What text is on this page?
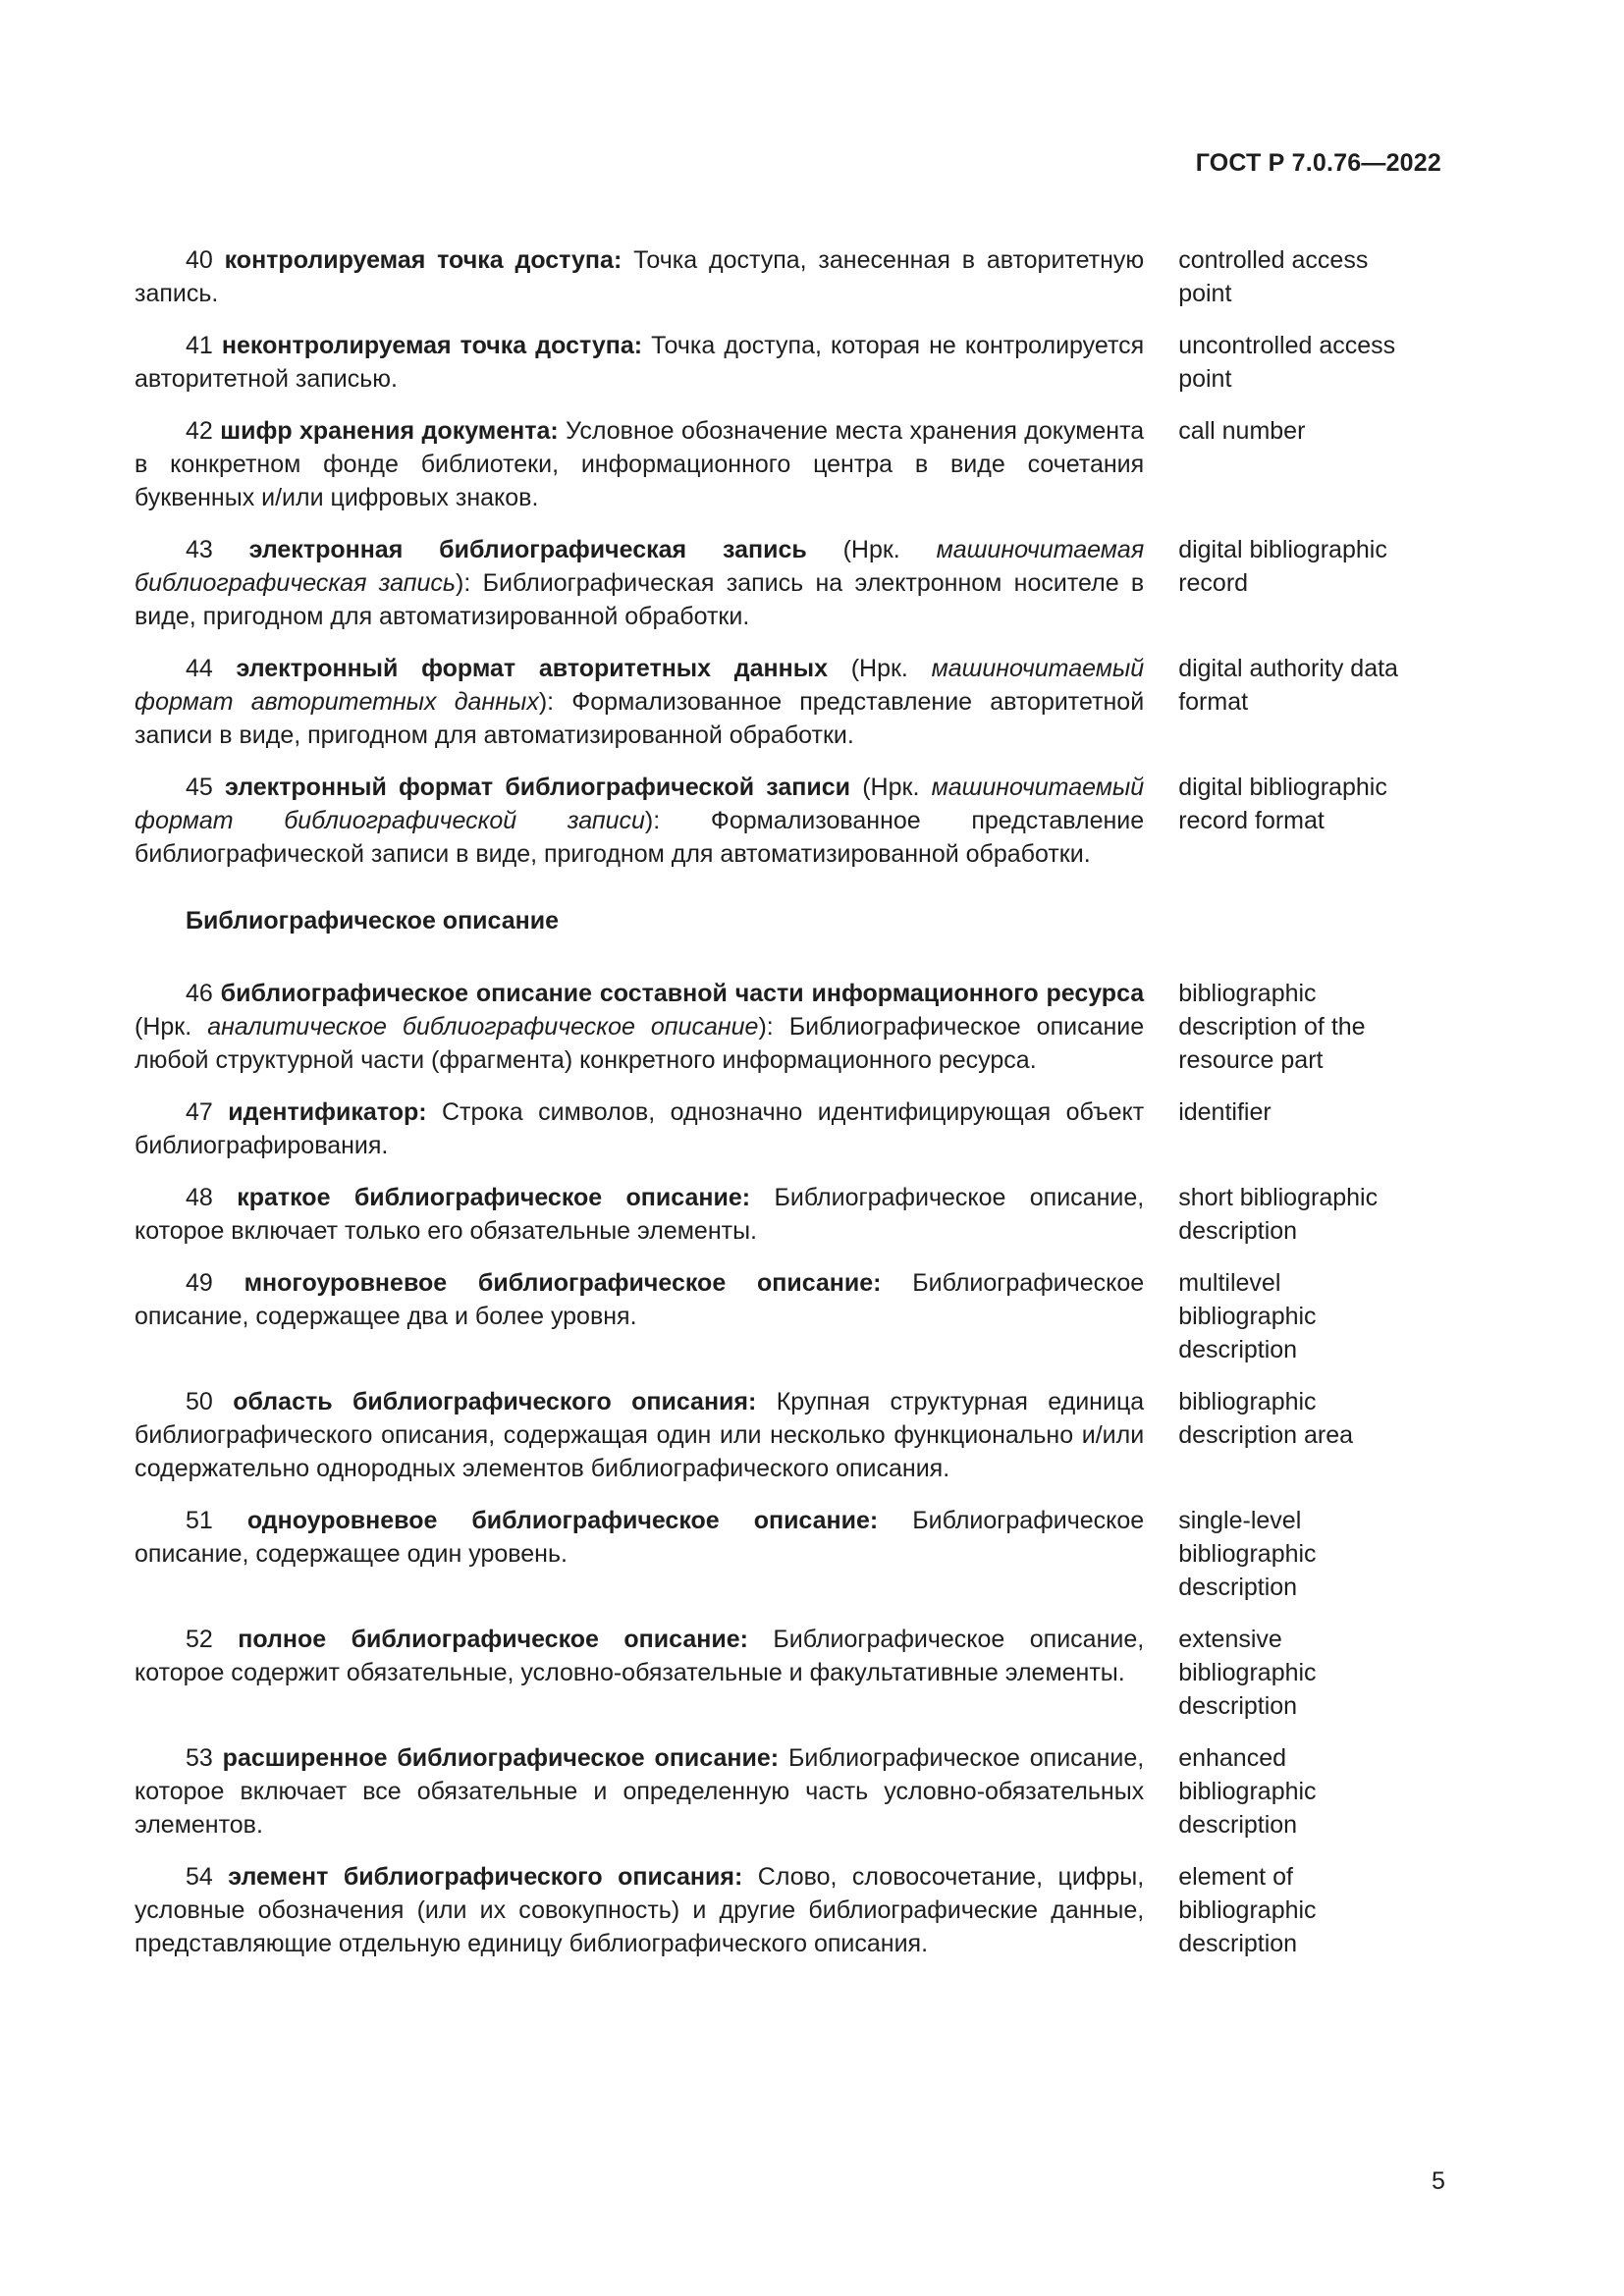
ГОСТ Р 7.0.76—2022
40 контролируемая точка доступа: Точка доступа, занесенная в авторитетную запись.
controlled access point
41 неконтролируемая точка доступа: Точка доступа, которая не контролируется авторитетной записью.
uncontrolled access point
42 шифр хранения документа: Условное обозначение места хранения документа в конкретном фонде библиотеки, информационного центра в виде сочетания буквенных и/или цифровых знаков.
call number
43 электронная библиографическая запись (Нрк. машиночитаемая библиографическая запись): Библиографическая запись на электронном носителе в виде, пригодном для автоматизированной обработки.
digital bibliographic record
44 электронный формат авторитетных данных (Нрк. машиночитаемый формат авторитетных данных): Формализованное представление авторитетной записи в виде, пригодном для автоматизированной обработки.
digital authority data format
45 электронный формат библиографической записи (Нрк. машиночитаемый формат библиографической записи): Формализованное представление библиографической записи в виде, пригодном для автоматизированной обработки.
digital bibliographic record format
Библиографическое описание
46 библиографическое описание составной части информационного ресурса (Нрк. аналитическое библиографическое описание): Библиографическое описание любой структурной части (фрагмента) конкретного информационного ресурса.
bibliographic description of the resource part
47 идентификатор: Строка символов, однозначно идентифицирующая объект библиографирования.
identifier
48 краткое библиографическое описание: Библиографическое описание, которое включает только его обязательные элементы.
short bibliographic description
49 многоуровневое библиографическое описание: Библиографическое описание, содержащее два и более уровня.
multilevel bibliographic description
50 область библиографического описания: Крупная структурная единица библиографического описания, содержащая один или несколько функционально и/или содержательно однородных элементов библиографического описания.
bibliographic description area
51 одноуровневое библиографическое описание: Библиографическое описание, содержащее один уровень.
single-level bibliographic description
52 полное библиографическое описание: Библиографическое описание, которое содержит обязательные, условно-обязательные и факультативные элементы.
extensive bibliographic description
53 расширенное библиографическое описание: Библиографическое описание, которое включает все обязательные и определенную часть условно-обязательных элементов.
enhanced bibliographic description
54 элемент библиографического описания: Слово, словосочетание, цифры, условные обозначения (или их совокупность) и другие библиографические данные, представляющие отдельную единицу библиографического описания.
element of bibliographic description
5
